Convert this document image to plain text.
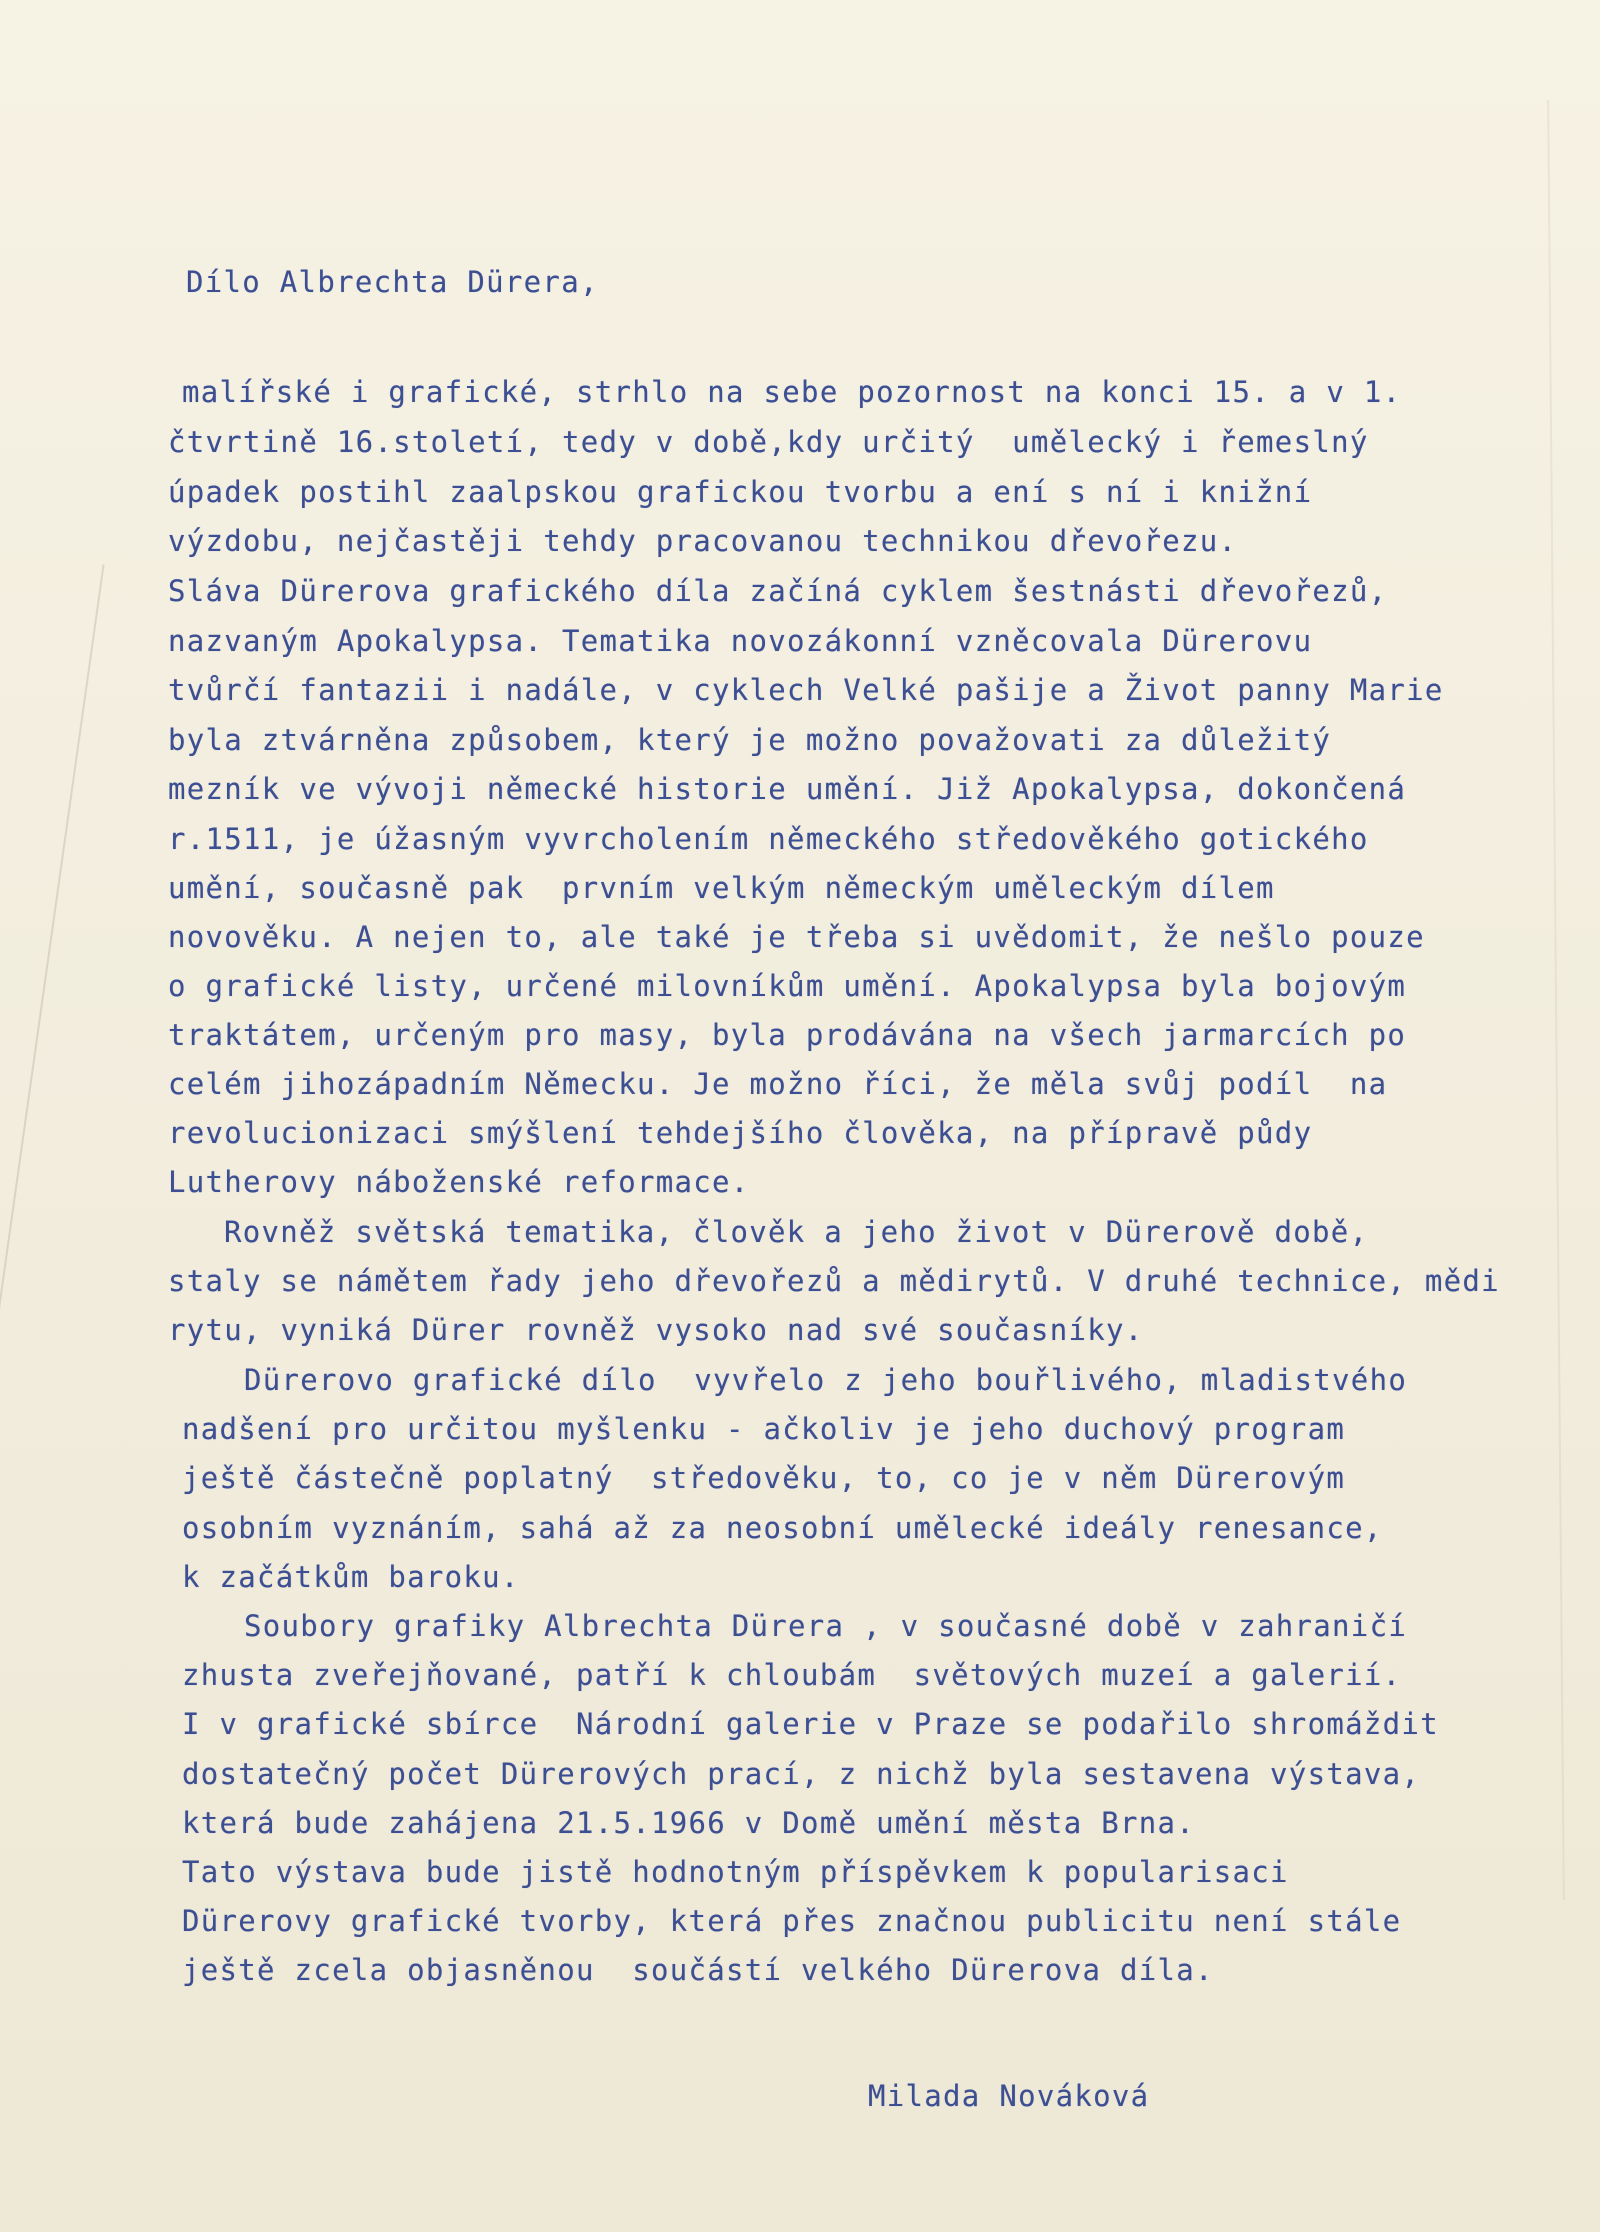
Dílo Albrechta Dürera,
malířské i grafické, strhlo na sebe pozornost na konci 15. a v 1.
čtvrtině 16.století, tedy v době,kdy určitý  umělecký i řemeslný
úpadek postihl zaalpskou grafickou tvorbu a ení s ní i knižní
výzdobu, nejčastěji tehdy pracovanou technikou dřevořezu.
Sláva Dürerova grafického díla začíná cyklem šestnásti dřevořezů,
nazvaným Apokalypsa. Tematika novozákonní vzněcovala Dürerovu
tvůrčí fantazii i nadále, v cyklech Velké pašije a Život panny Marie
byla ztvárněna způsobem, který je možno považovati za důležitý
mezník ve vývoji německé historie umění. Již Apokalypsa, dokončená
r.1511, je úžasným vyvrcholením německého středověkého gotického
umění, současně pak  prvním velkým německým uměleckým dílem
novověku. A nejen to, ale také je třeba si uvědomit, že nešlo pouze
o grafické listy, určené milovníkům umění. Apokalypsa byla bojovým
traktátem, určeným pro masy, byla prodávána na všech jarmarcích po
celém jihozápadním Německu. Je možno říci, že měla svůj podíl  na
revolucionizaci smýšlení tehdejšího člověka, na přípravě půdy
Lutherovy náboženské reformace.
Rovněž světská tematika, člověk a jeho život v Dürerově době,
staly se námětem řady jeho dřevořezů a mědirytů. V druhé technice, mědi
rytu, vyniká Dürer rovněž vysoko nad své současníky.
Dürerovo grafické dílo  vyvřelo z jeho bouřlivého, mladistvého
nadšení pro určitou myšlenku - ačkoliv je jeho duchový program
ještě částečně poplatný  středověku, to, co je v něm Dürerovým
osobním vyznáním, sahá až za neosobní umělecké ideály renesance,
k začátkům baroku.
Soubory grafiky Albrechta Dürera , v současné době v zahraničí
zhusta zveřejňované, patří k chloubám  světových muzeí a galerií.
I v grafické sbírce  Národní galerie v Praze se podařilo shromáždit
dostatečný počet Dürerových prací, z nichž byla sestavena výstava,
která bude zahájena 21.5.1966 v Domě umění města Brna.
Tato výstava bude jistě hodnotným příspěvkem k popularisaci
Dürerovy grafické tvorby, která přes značnou publicitu není stále
ještě zcela objasněnou  součástí velkého Dürerova díla.
Milada Nováková
